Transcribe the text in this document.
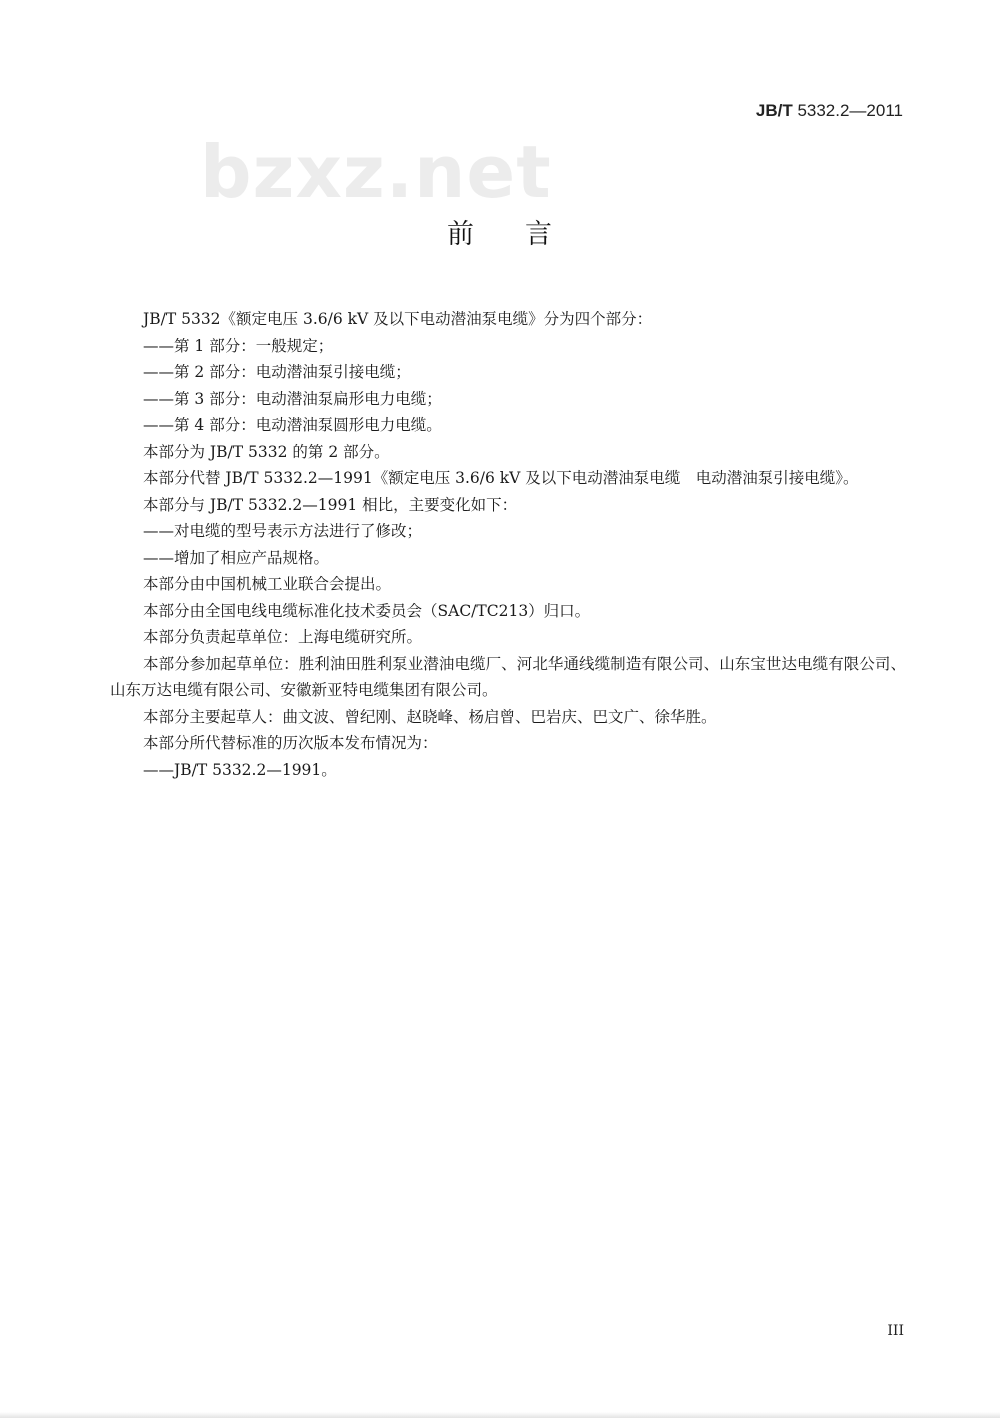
JB/T 5332.2—2011
bzxz.net
前 言

JB/T 5332《额定电压 3.6/6 kV 及以下电动潜油泵电缆》分为四个部分：

——第 1 部分：一般规定；

——第 2 部分：电动潜油泵引接电缆；

——第 3 部分：电动潜油泵扁形电力电缆；

——第 4 部分：电动潜油泵圆形电力电缆。

本部分为 JB/T 5332 的第 2 部分。

本部分代替 JB/T 5332.2—1991《额定电压 3.6/6 kV 及以下电动潜油泵电缆　电动潜油泵引接电缆》。

本部分与 JB/T 5332.2—1991 相比，主要变化如下：

——对电缆的型号表示方法进行了修改；

——增加了相应产品规格。

本部分由中国机械工业联合会提出。

本部分由全国电线电缆标准化技术委员会（SAC/TC213）归口。

本部分负责起草单位：上海电缆研究所。

本部分参加起草单位：胜利油田胜利泵业潜油电缆厂、河北华通线缆制造有限公司、山东宝世达电缆有限公司、山东万达电缆有限公司、安徽新亚特电缆集团有限公司。

本部分主要起草人：曲文波、曾纪刚、赵晓峰、杨启曾、巴岩庆、巴文广、徐华胜。

本部分所代替标准的历次版本发布情况为：

——JB/T 5332.2—1991。

III
